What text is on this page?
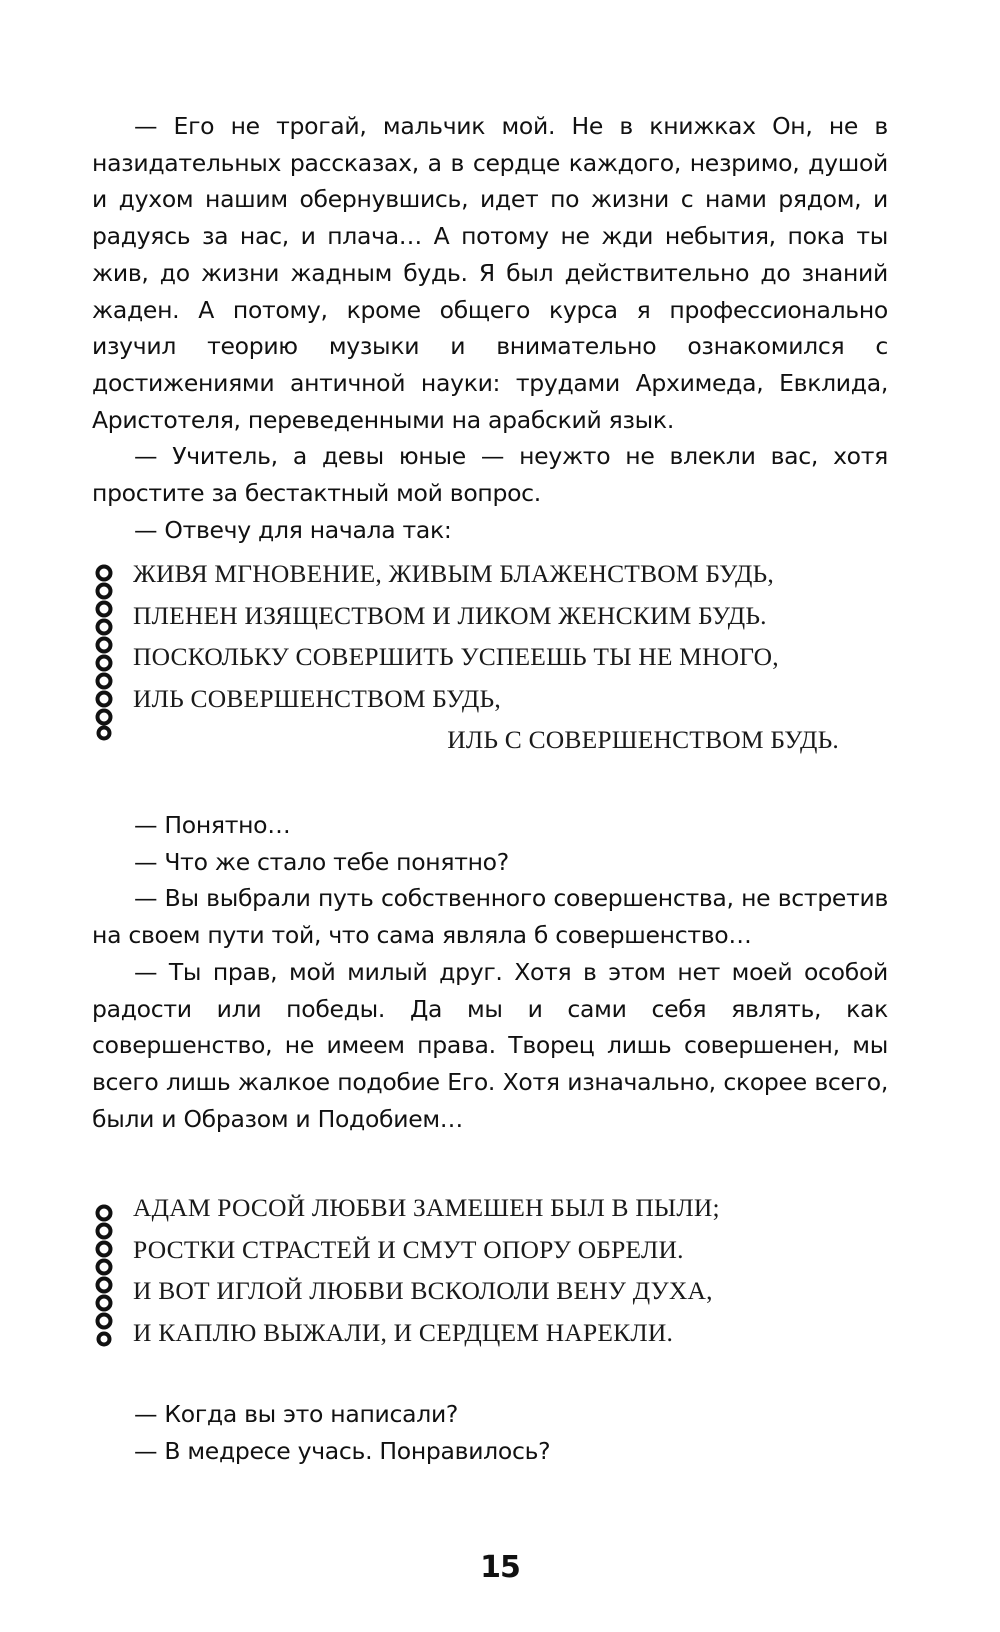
— Его не трогай, мальчик мой. Не в книжках Он, не в назидательных рассказах, а в сердце каждого, незримо, душой и духом нашим обернувшись, идет по жизни с нами рядом, и радуясь за нас, и плача… А потому не жди небытия, пока ты жив, до жизни жадным будь. Я был действительно до знаний жаден. А потому, кроме общего курса я профессионально изучил теорию музыки и внимательно ознакомился с достижениями античной науки: трудами Архимеда, Евклида, Аристотеля, переведенными на арабский язык.

— Учитель, а девы юные — неужто не влекли вас, хотя простите за бестактный мой вопрос.

— Отвечу для начала так:

ЖИВЯ МГНОВЕНИЕ, ЖИВЫМ БЛАЖЕНСТВОМ БУДЬ,
ПЛЕНЕН ИЗЯЩЕСТВОМ И ЛИКОМ ЖЕНСКИМ БУДЬ.
ПОСКОЛЬКУ СОВЕРШИТЬ УСПЕЕШЬ ТЫ НЕ МНОГО,
ИЛЬ СОВЕРШЕНСТВОМ БУДЬ,
ИЛЬ С СОВЕРШЕНСТВОМ БУДЬ.

— Понятно…

— Что же стало тебе понятно?

— Вы выбрали путь собственного совершенства, не встретив на своем пути той, что сама являла б совершенство…

— Ты прав, мой милый друг. Хотя в этом нет моей особой радости или победы. Да мы и сами себя являть, как совершенство, не имеем права. Творец лишь совершенен, мы всего лишь жалкое подобие Его. Хотя изначально, скорее всего, были и Образом и Подобием…

АДАМ РОСОЙ ЛЮБВИ ЗАМЕШЕН БЫЛ В ПЫЛИ;
РОСТКИ СТРАСТЕЙ И СМУТ ОПОРУ ОБРЕЛИ.
И ВОТ ИГЛОЙ ЛЮБВИ ВСКОЛОЛИ ВЕНУ ДУХА,
И КАПЛЮ ВЫЖАЛИ, И СЕРДЦЕМ НАРЕКЛИ.

— Когда вы это написали?

— В медресе учась. Понравилось?

15
